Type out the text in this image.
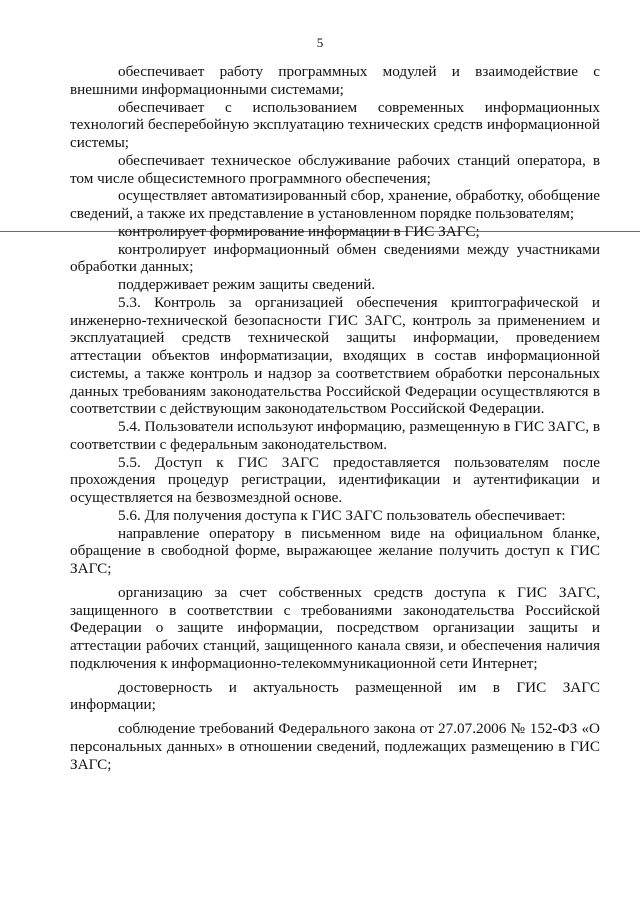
5

обеспечивает работу программных модулей и взаимодействие с внешними информационными системами;

обеспечивает с использованием современных информационных технологий бесперебойную эксплуатацию технических средств информационной системы;

обеспечивает техническое обслуживание рабочих станций оператора, в том числе общесистемного программного обеспечения;

осуществляет автоматизированный сбор, хранение, обработку, обобщение сведений, а также их представление в установленном порядке пользователям;

контролирует формирование информации в ГИС ЗАГС;

контролирует информационный обмен сведениями между участниками обработки данных;

поддерживает режим защиты сведений.

5.3. Контроль за организацией обеспечения криптографической и инженерно-технической безопасности ГИС ЗАГС, контроль за применением и эксплуатацией средств технической защиты информации, проведением аттестации объектов информатизации, входящих в состав информационной системы, а также контроль и надзор за соответствием обработки персональных данных требованиям законодательства Российской Федерации осуществляются в соответствии с действующим законодательством Российской Федерации.

5.4. Пользователи используют информацию, размещенную в ГИС ЗАГС, в соответствии с федеральным законодательством.

5.5. Доступ к ГИС ЗАГС предоставляется пользователям после прохождения процедур регистрации, идентификации и аутентификации и осуществляется на безвозмездной основе.

5.6. Для получения доступа к ГИС ЗАГС пользователь обеспечивает:

направление оператору в письменном виде на официальном бланке, обращение в свободной форме, выражающее желание получить доступ к ГИС ЗАГС;

организацию за счет собственных средств доступа к ГИС ЗАГС, защищенного в соответствии с требованиями законодательства Российской Федерации о защите информации, посредством организации защиты и аттестации рабочих станций, защищенного канала связи, и обеспечения наличия подключения к информационно-телекоммуникационной сети Интернет;

достоверность и актуальность размещенной им в ГИС ЗАГС информации;

соблюдение требований Федерального закона от 27.07.2006 № 152-ФЗ «О персональных данных» в отношении сведений, подлежащих размещению в ГИС ЗАГС;
